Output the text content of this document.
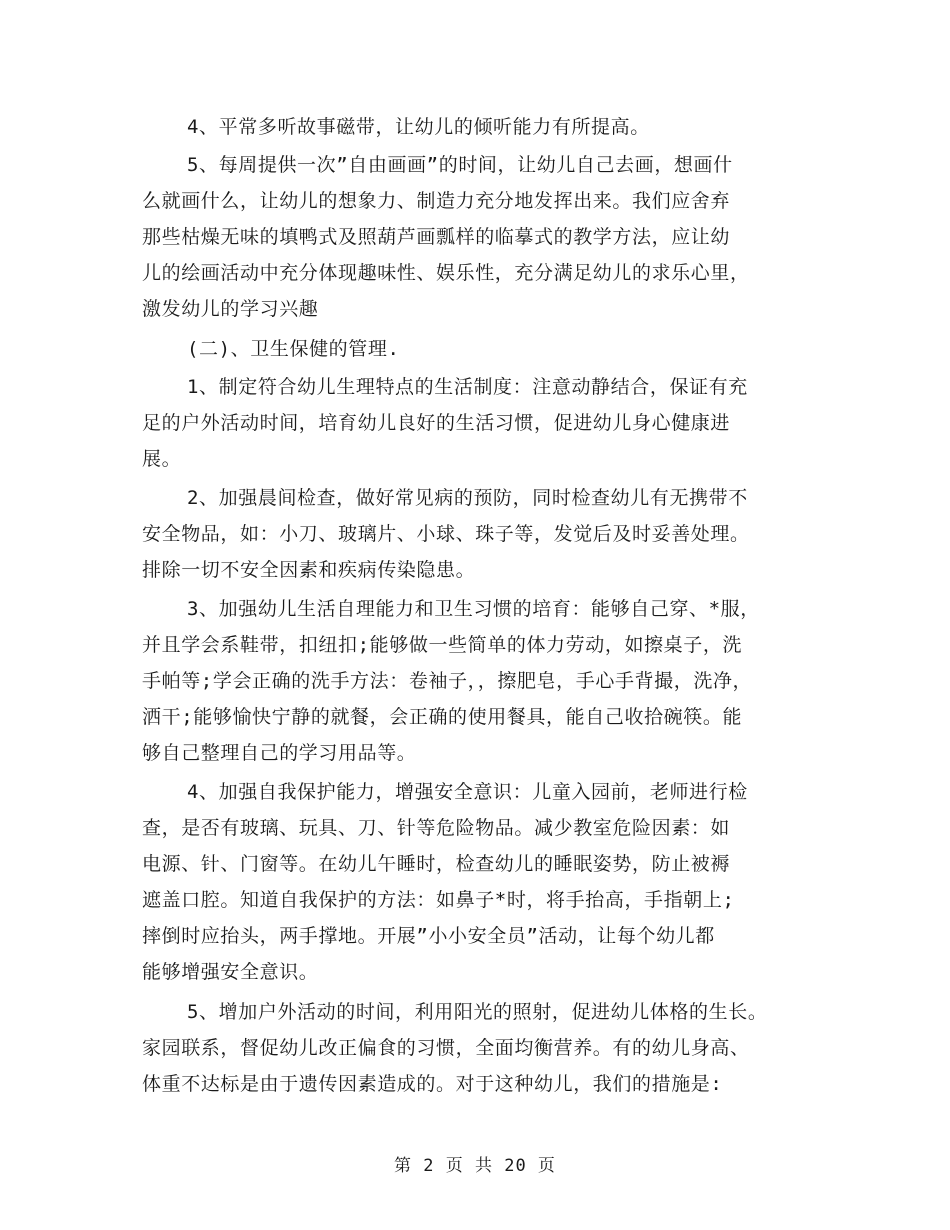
4、平常多听故事磁带，让幼儿的倾听能力有所提高。
5、每周提供一次”自由画画”的时间，让幼儿自己去画，想画什
么就画什么，让幼儿的想象力、制造力充分地发挥出来。我们应舍弃
那些枯燥无味的填鸭式及照葫芦画瓢样的临摹式的教学方法，应让幼
儿的绘画活动中充分体现趣味性、娱乐性，充分满足幼儿的求乐心里，
激发幼儿的学习兴趣
(二)、卫生保健的管理.
1、制定符合幼儿生理特点的生活制度：注意动静结合，保证有充
足的户外活动时间，培育幼儿良好的生活习惯，促进幼儿身心健康进
展。
2、加强晨间检查，做好常见病的预防，同时检查幼儿有无携带不
安全物品，如：小刀、玻璃片、小球、珠子等，发觉后及时妥善处理。
排除一切不安全因素和疾病传染隐患。
3、加强幼儿生活自理能力和卫生习惯的培育：能够自己穿、*服，
并且学会系鞋带，扣纽扣;能够做一些简单的体力劳动，如擦桌子，洗
手帕等;学会正确的洗手方法：卷袖子，，擦肥皂，手心手背撮，洗净，
洒干;能够愉快宁静的就餐，会正确的使用餐具，能自己收拾碗筷。能
够自己整理自己的学习用品等。
4、加强自我保护能力，增强安全意识：儿童入园前，老师进行检
查，是否有玻璃、玩具、刀、针等危险物品。减少教室危险因素：如
电源、针、门窗等。在幼儿午睡时，检查幼儿的睡眠姿势，防止被褥
遮盖口腔。知道自我保护的方法：如鼻子*时，将手抬高，手指朝上;
摔倒时应抬头，两手撑地。开展”小小安全员”活动，让每个幼儿都
能够增强安全意识。
5、增加户外活动的时间，利用阳光的照射，促进幼儿体格的生长。
家园联系，督促幼儿改正偏食的习惯，全面均衡营养。有的幼儿身高、
体重不达标是由于遗传因素造成的。对于这种幼儿，我们的措施是:
第 2 页 共 20 页
